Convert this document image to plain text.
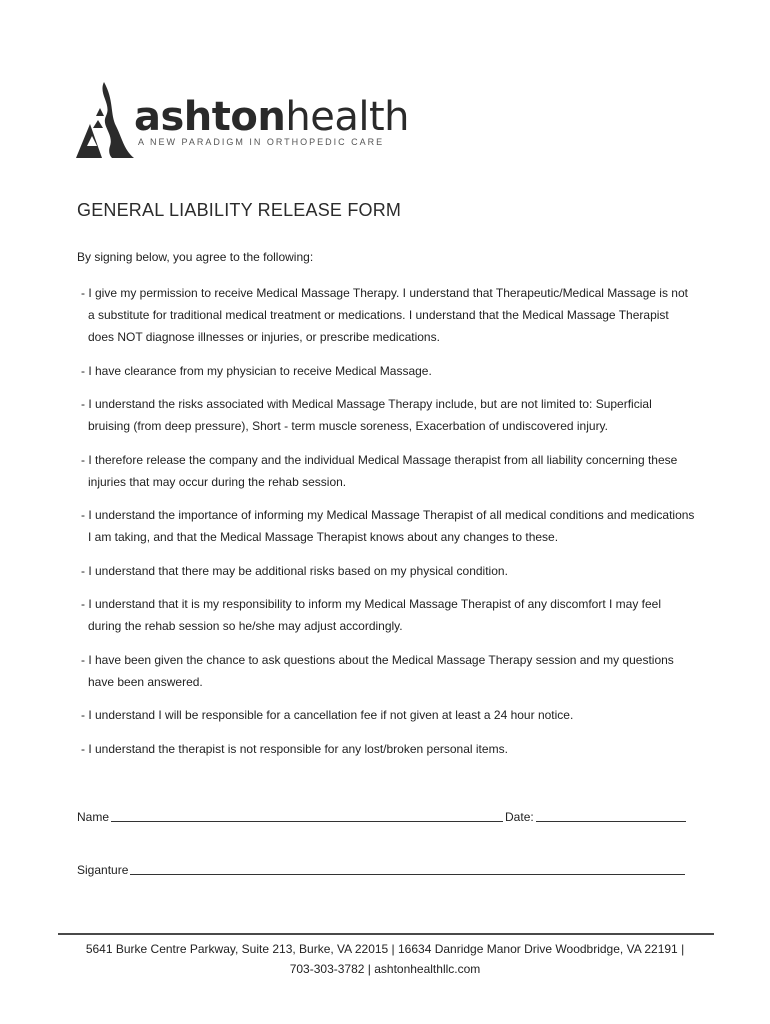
ashtonhealth
A NEW PARADIGM IN ORTHOPEDIC CARE
GENERAL LIABILITY RELEASE FORM
By signing below, you agree to the following:
- I give my permission to receive Medical Massage Therapy. I understand that Therapeutic/Medical Massage is not a substitute for traditional medical treatment or medications. I understand that the Medical Massage Therapist does NOT diagnose illnesses or injuries, or prescribe medications.
- I have clearance from my physician to receive Medical Massage.
- I understand the risks associated with Medical Massage Therapy include, but are not limited to: Superficial bruising (from deep pressure), Short - term muscle soreness, Exacerbation of undiscovered injury.
- I therefore release the company and the individual Medical Massage therapist from all liability concerning these injuries that may occur during the rehab session.
- I understand the importance of informing my Medical Massage Therapist of all medical conditions and medications I am taking, and that the Medical Massage Therapist knows about any changes to these.
- I understand that there may be additional risks based on my physical condition.
- I understand that it is my responsibility to inform my Medical Massage Therapist of any discomfort I may feel during the rehab session so he/she may adjust accordingly.
- I have been given the chance to ask questions about the Medical Massage Therapy session and my questions have been answered.
- I understand I will be responsible for a cancellation fee if not given at least a 24 hour notice.
- I understand the therapist is not responsible for any lost/broken personal items.
Name	Date:
Siganture
5641 Burke Centre Parkway, Suite 213, Burke, VA 22015 | 16634 Danridge Manor Drive Woodbridge, VA 22191 |
703-303-3782 | ashtonhealthllc.com
